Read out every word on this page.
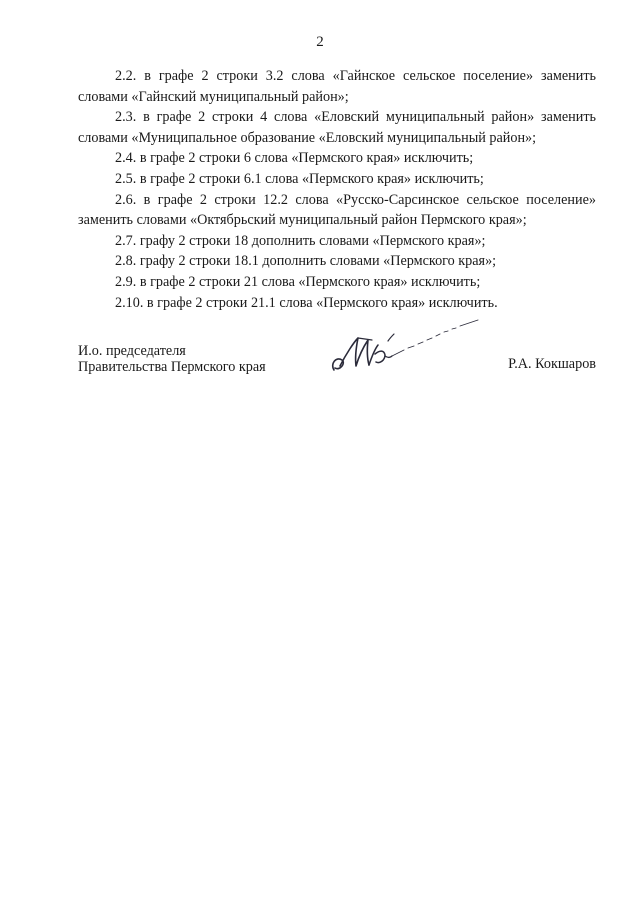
2

2.2. в графе 2 строки 3.2 слова «Гайнское сельское поселение» заменить словами «Гайнский муниципальный район»;

2.3. в графе 2 строки 4 слова «Еловский муниципальный район» заменить словами «Муниципальное образование «Еловский муниципальный район»;

2.4. в графе 2 строки 6 слова «Пермского края» исключить;

2.5. в графе 2 строки 6.1 слова «Пермского края» исключить;

2.6. в графе 2 строки 12.2 слова «Русско-Сарсинское сельское поселение» заменить словами «Октябрьский муниципальный район Пермского края»;

2.7. графу 2 строки 18 дополнить словами «Пермского края»;

2.8. графу 2 строки 18.1 дополнить словами «Пермского края»;

2.9. в графе 2 строки 21 слова «Пермского края» исключить;

2.10. в графе 2 строки 21.1 слова «Пермского края» исключить.

И.о. председателя
Правительства Пермского края	Р.А. Кокшаров
